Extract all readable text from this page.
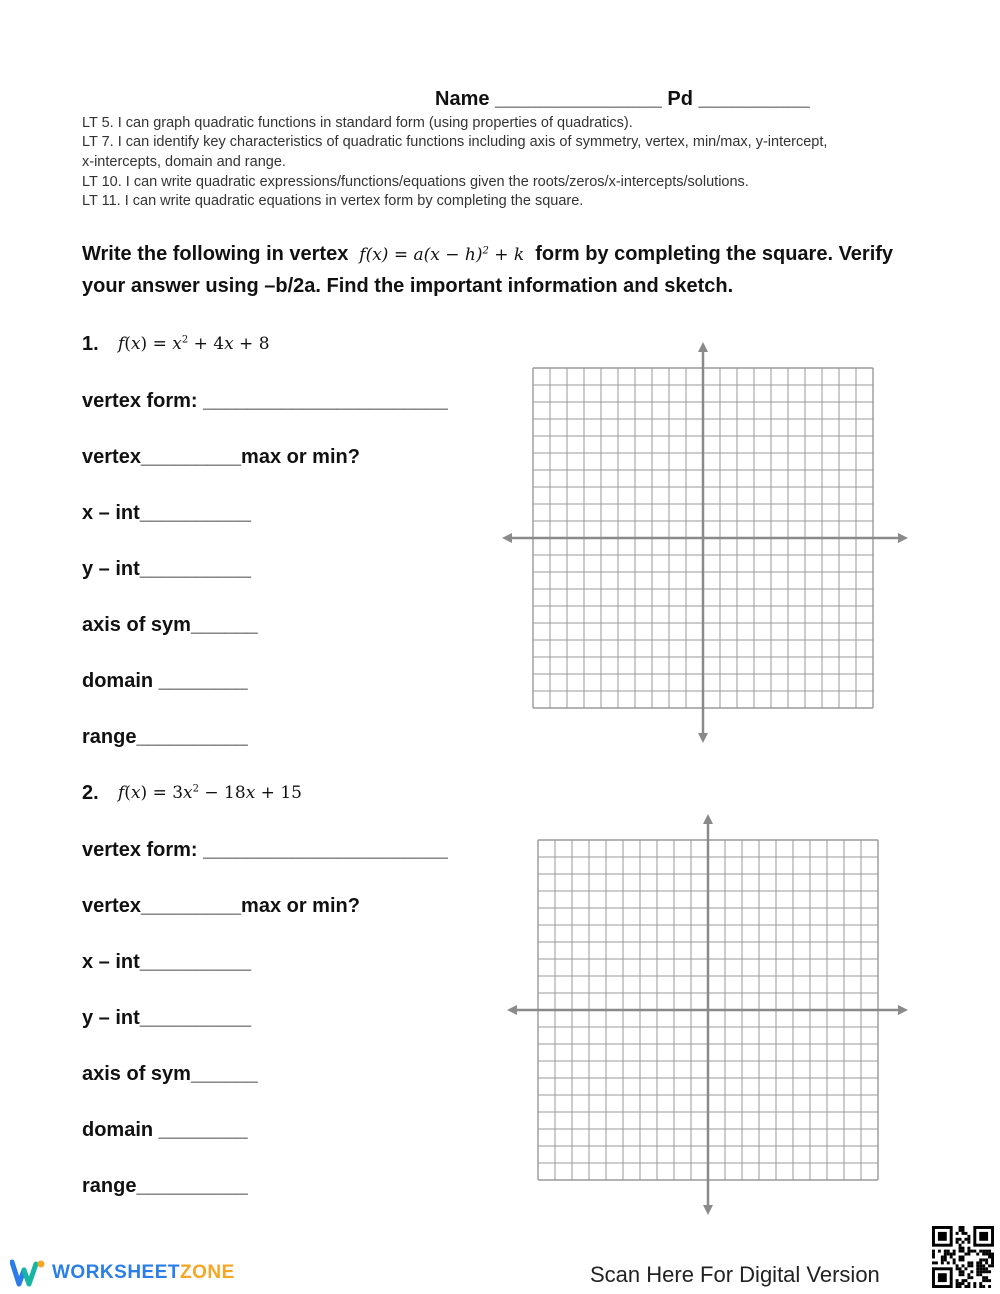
Name _______________ Pd __________
LT 5. I can graph quadratic functions in standard form (using properties of quadratics).
LT 7. I can identify key characteristics of quadratic functions including axis of symmetry, vertex, min/max, y-intercept,
x-intercepts, domain and range.
LT 10. I can write quadratic expressions/functions/equations given the roots/zeros/x-intercepts/solutions.
LT 11. I can write quadratic equations in vertex form by completing the square.
Write the following in vertex  $f(x) = a(x - h)^2 + k$  form by completing the square. Verify
your answer using –b/2a. Find the important information and sketch.
1. $f(x) = x^2 + 4x + 8$
vertex form: ______________________
vertex_________max or min?
x – int__________
y – int__________
axis of sym______
domain ________
range__________
2. $f(x) = 3x^2 - 18x + 15$
vertex form: ______________________
vertex_________max or min?
x – int__________
y – int__________
axis of sym______
domain ________
range__________
WORKSHEET ZONE	Scan Here For Digital Version
